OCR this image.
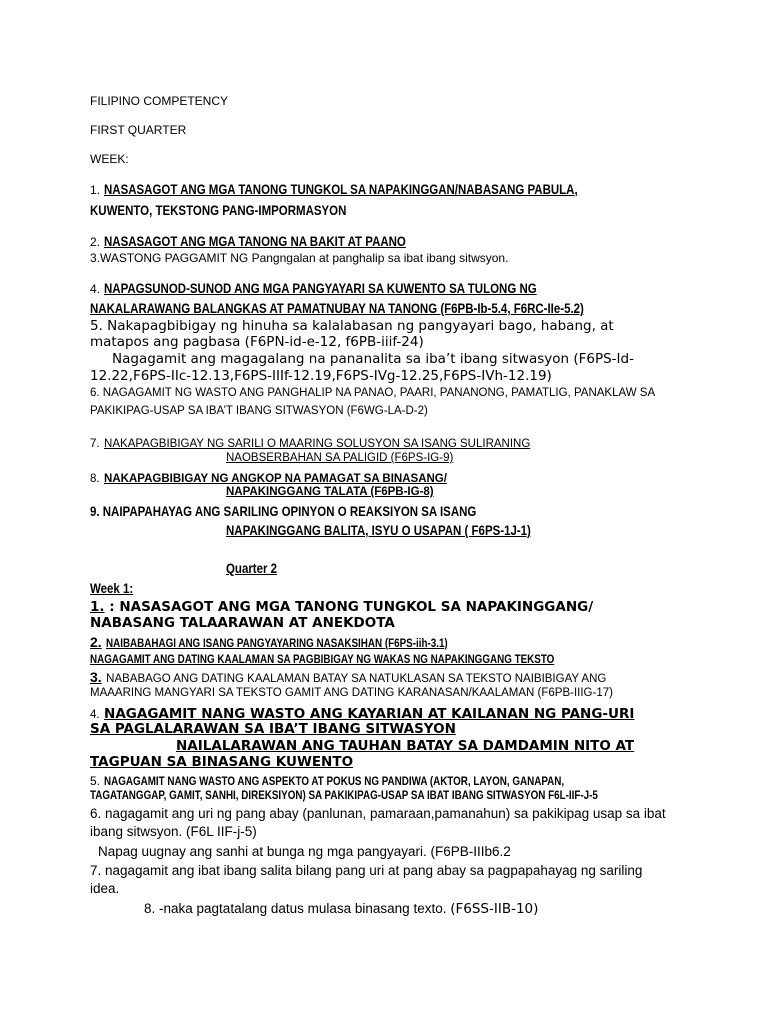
FILIPINO COMPETENCY
FIRST QUARTER
WEEK:
1. NASASAGOT ANG MGA TANONG TUNGKOL SA NAPAKINGGAN/NABASANG PABULA,
KUWENTO, TEKSTONG PANG-IMPORMASYON
2. NASASAGOT ANG MGA TANONG NA BAKIT AT PAANO
3.WASTONG PAGGAMIT NG Pangngalan at panghalip sa ibat ibang sitwsyon.
4. NAPAGSUNOD-SUNOD ANG MGA PANGYAYARI SA KUWENTO SA TULONG NG
NAKALARAWANG BALANGKAS AT PAMATNUBAY NA TANONG (F6PB-Ib-5.4, F6RC-IIe-5.2)
5. Nakapagbibigay ng hinuha sa kalalabasan ng pangyayari bago, habang, at
matapos ang pagbasa (F6PN-id-e-12, f6PB-iiif-24)
Nagagamit ang magagalang na pananalita sa iba’t ibang sitwasyon (F6PS-Id-
12.22,F6PS-IIc-12.13,F6PS-IIIf-12.19,F6PS-IVg-12.25,F6PS-IVh-12.19)
6. NAGAGAMIT NG WASTO ANG PANGHALIP NA PANAO, PAARI, PANANONG, PAMATLIG, PANAKLAW SA
PAKIKIPAG-USAP SA IBA’T IBANG SITWASYON (F6WG-LA-D-2)
7. NAKAPAGBIBIGAY NG SARILI O MAARING SOLUSYON SA ISANG SULIRANING
NAOBSERBAHAN SA PALIGID (F6PS-IG-9)
8. NAKAPAGBIBIGAY NG ANGKOP NA PAMAGAT SA BINASANG/
NAPAKINGGANG TALATA (F6PB-IG-8)
9. NAIPAPAHAYAG ANG SARILING OPINYON O REAKSIYON SA ISANG
NAPAKINGGANG BALITA, ISYU O USAPAN ( F6PS-1J-1)
Quarter 2
Week 1:
1. : NASASAGOT ANG MGA TANONG TUNGKOL SA NAPAKINGGANG/
NABASANG TALAARAWAN AT ANEKDOTA
2. NAIBABAHAGI ANG ISANG PANGYAYARING NASAKSIHAN (F6PS-iih-3.1)
NAGAGAMIT ANG DATING KAALAMAN SA PAGBIBIGAY NG WAKAS NG NAPAKINGGANG TEKSTO
3. NABABAGO ANG DATING KAALAMAN BATAY SA NATUKLASAN SA TEKSTO NAIBIBIGAY ANG
MAAARING MANGYARI SA TEKSTO GAMIT ANG DATING KARANASAN/KAALAMAN (F6PB-IIIG-17)
4. NAGAGAMIT NANG WASTO ANG KAYARIAN AT KAILANAN NG PANG-URI
SA PAGLALARAWAN SA IBA’T IBANG SITWASYON
NAILALARAWAN ANG TAUHAN BATAY SA DAMDAMIN NITO AT
TAGPUAN SA BINASANG KUWENTO
5. NAGAGAMIT NANG WASTO ANG ASPEKTO AT POKUS NG PANDIWA (AKTOR, LAYON, GANAPAN,
TAGATANGGAP, GAMIT, SANHI, DIREKSIYON) SA PAKIKIPAG-USAP SA IBAT IBANG SITWASYON F6L-IIF-J-5
6. nagagamit ang uri ng pang abay (panlunan, pamaraan,pamanahun) sa pakikipag usap sa ibat
ibang sitwsyon. (F6L IIF-j-5)
Napag uugnay ang sanhi at bunga ng mga pangyayari. (F6PB-IIIb6.2
7. nagagamit ang ibat ibang salita bilang pang uri at pang abay sa pagpapahayag ng sariling
idea.
8. -naka pagtatalang datus mulasa binasang texto. (F6SS-IIB-10)
